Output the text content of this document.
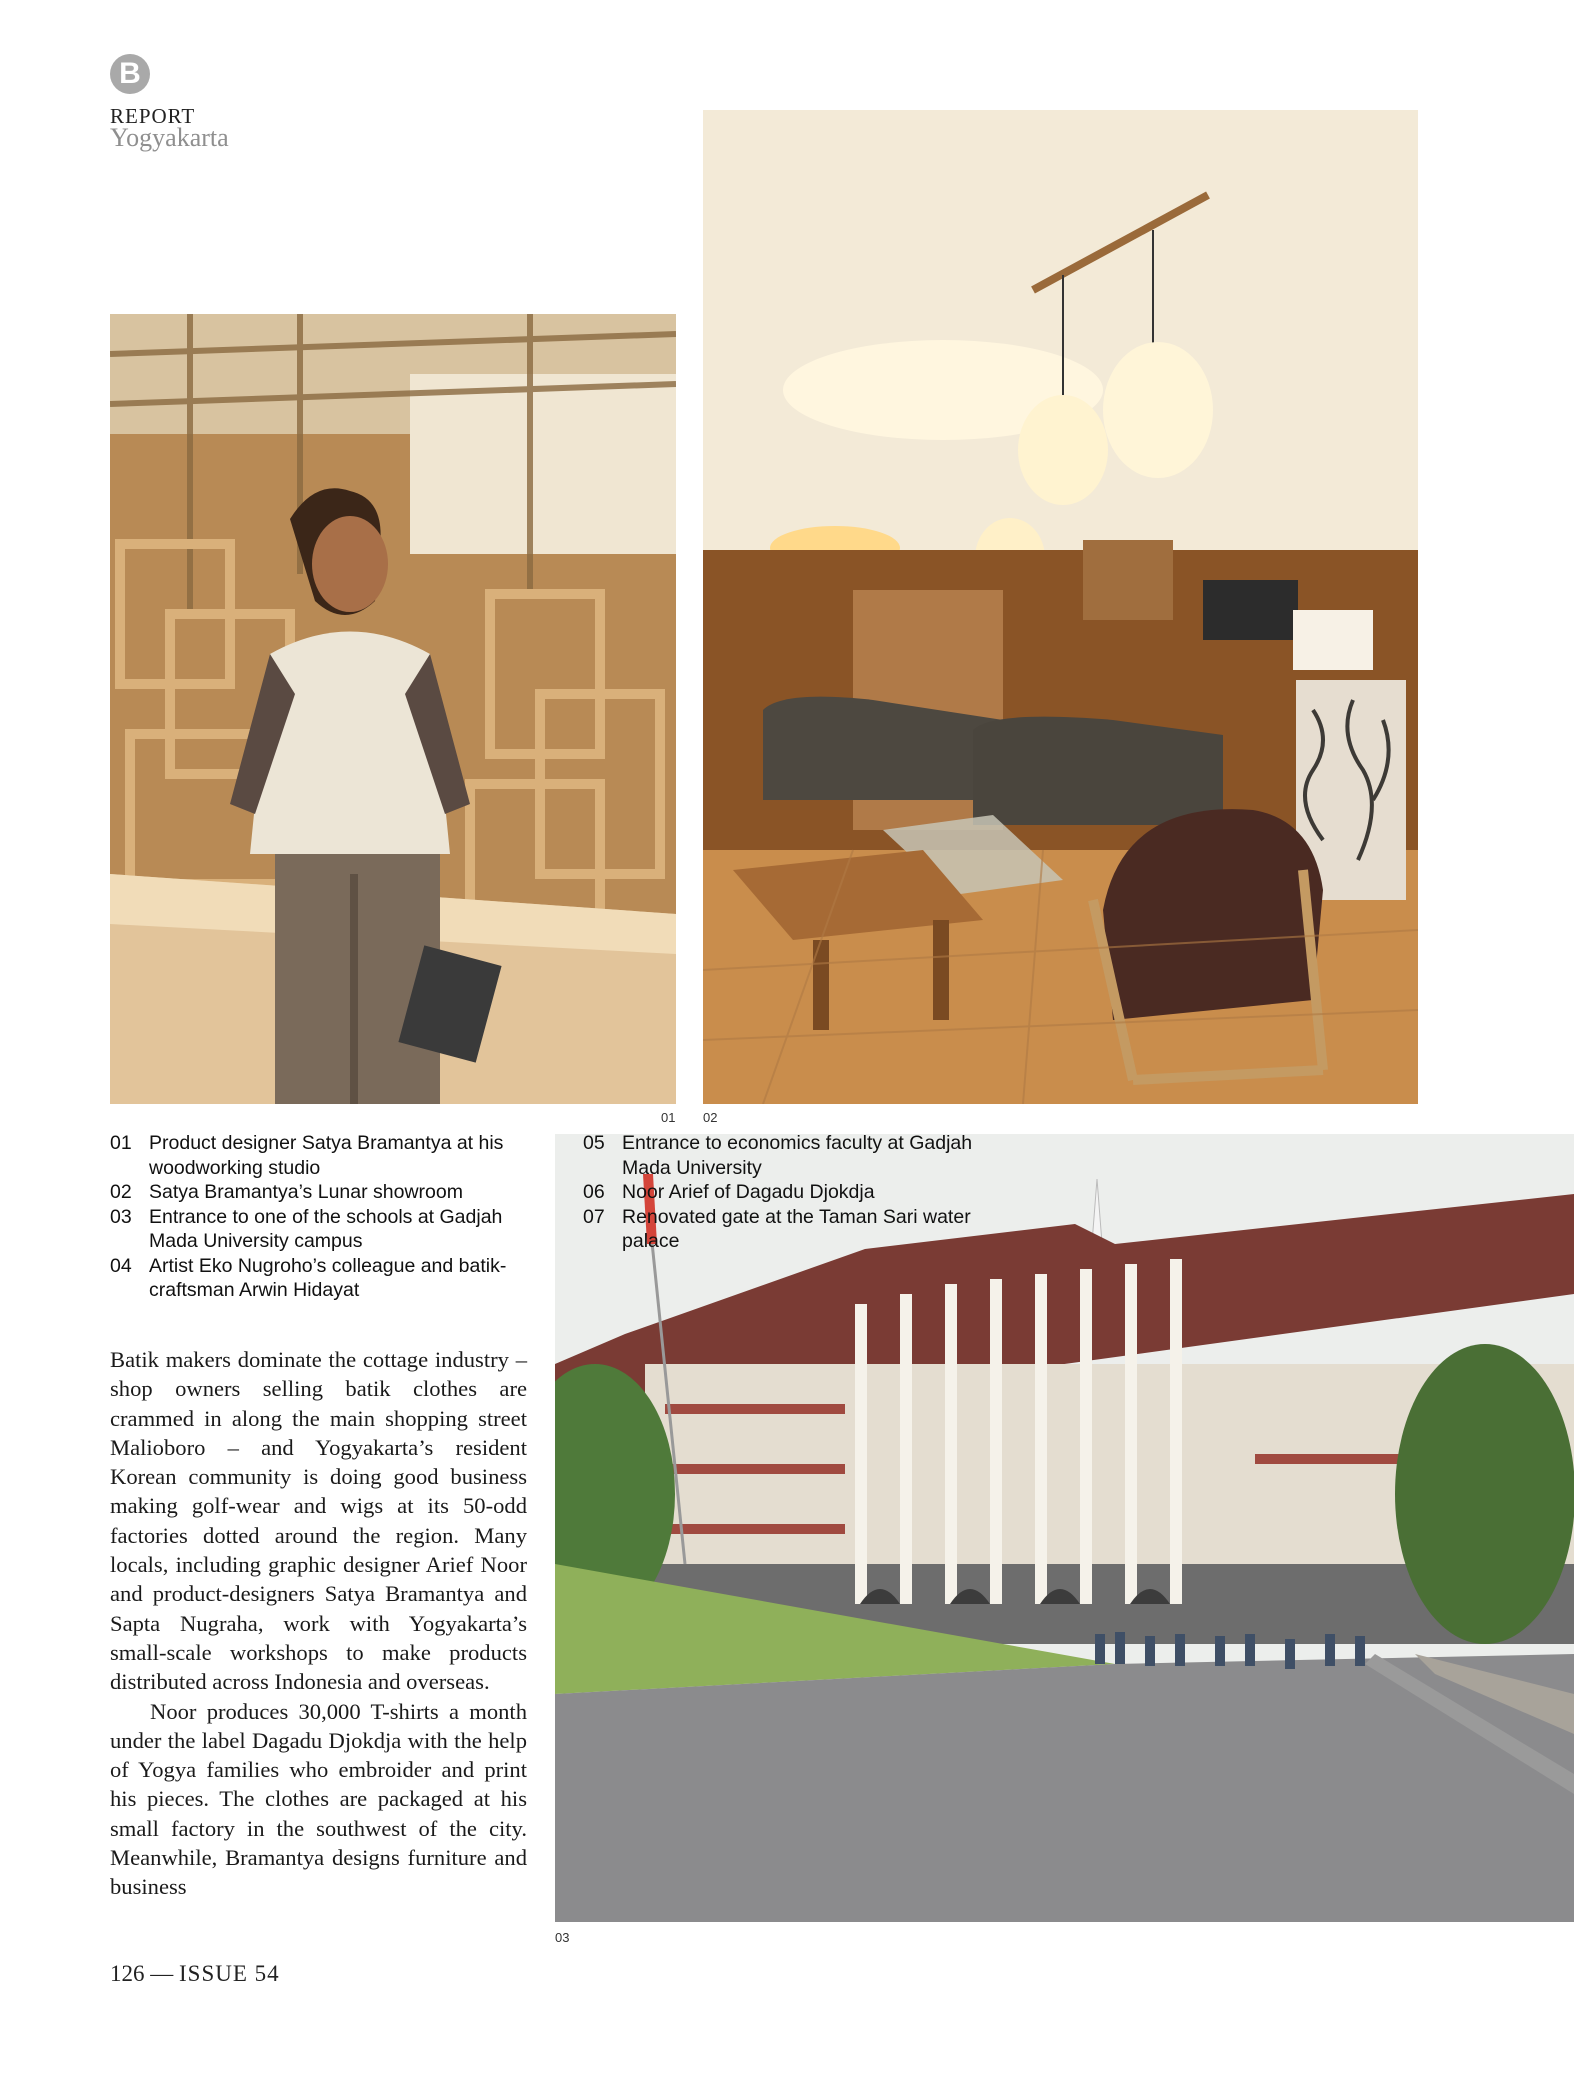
B
REPORT
Yogyakarta
01 02
03
01 Product designer Satya Bramantya at his woodworking studio
02 Satya Bramantya’s Lunar showroom
03 Entrance to one of the schools at Gadjah Mada University campus
04 Artist Eko Nugroho’s colleague and batik-craftsman Arwin Hidayat
05 Entrance to economics faculty at Gadjah Mada University
06 Noor Arief of Dagadu Djokdja
07 Renovated gate at the Taman Sari water palace

Batik makers dominate the cottage industry – shop owners selling batik clothes are crammed in along the main shopping street Malioboro – and Yogyakarta’s resident Korean community is doing good business making golf-wear and wigs at its 50-odd factories dotted around the region. Many locals, including graphic designer Arief Noor and product-designers Satya Bramantya and Sapta Nugraha, work with Yogyakarta’s small-scale workshops to make products distributed across Indonesia and overseas.

Noor produces 30,000 T-shirts a month under the label Dagadu Djokdja with the help of Yogya families who embroider and print his pieces. The clothes are packaged at his small factory in the southwest of the city. Meanwhile, Bramantya designs furniture and business

126 — ISSUE 54
